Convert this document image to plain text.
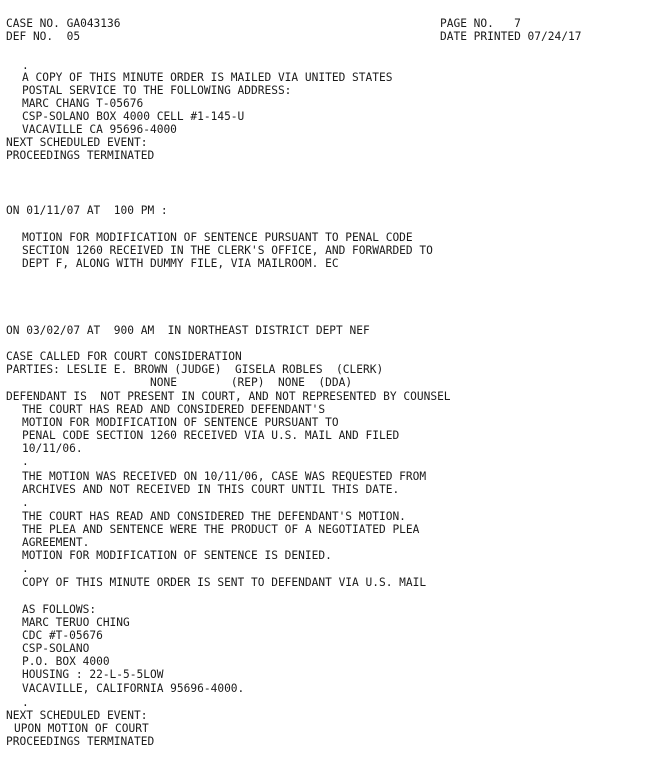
CASE NO. GA043136
DEF NO.  05
PAGE NO.   7
DATE PRINTED 07/24/17
.
A COPY OF THIS MINUTE ORDER IS MAILED VIA UNITED STATES
POSTAL SERVICE TO THE FOLLOWING ADDRESS:
MARC CHANG T-05676
CSP-SOLANO BOX 4000 CELL #1-145-U
VACAVILLE CA 95696-4000
NEXT SCHEDULED EVENT:
PROCEEDINGS TERMINATED
ON 01/11/07 AT  100 PM :
MOTION FOR MODIFICATION OF SENTENCE PURSUANT TO PENAL CODE
SECTION 1260 RECEIVED IN THE CLERK'S OFFICE, AND FORWARDED TO
DEPT F, ALONG WITH DUMMY FILE, VIA MAILROOM. EC
ON 03/02/07 AT  900 AM  IN NORTHEAST DISTRICT DEPT NEF
CASE CALLED FOR COURT CONSIDERATION
PARTIES: LESLIE E. BROWN (JUDGE)  GISELA ROBLES  (CLERK)
NONE        (REP)  NONE  (DDA)
DEFENDANT IS  NOT PRESENT IN COURT, AND NOT REPRESENTED BY COUNSEL
THE COURT HAS READ AND CONSIDERED DEFENDANT'S
MOTION FOR MODIFICATION OF SENTENCE PURSUANT TO
PENAL CODE SECTION 1260 RECEIVED VIA U.S. MAIL AND FILED
10/11/06.
.
THE MOTION WAS RECEIVED ON 10/11/06, CASE WAS REQUESTED FROM
ARCHIVES AND NOT RECEIVED IN THIS COURT UNTIL THIS DATE.
.
THE COURT HAS READ AND CONSIDERED THE DEFENDANT'S MOTION.
THE PLEA AND SENTENCE WERE THE PRODUCT OF A NEGOTIATED PLEA
AGREEMENT.
MOTION FOR MODIFICATION OF SENTENCE IS DENIED.
.
COPY OF THIS MINUTE ORDER IS SENT TO DEFENDANT VIA U.S. MAIL
AS FOLLOWS:
MARC TERUO CHING
CDC #T-05676
CSP-SOLANO
P.O. BOX 4000
HOUSING : 22-L-5-5LOW
VACAVILLE, CALIFORNIA 95696-4000.
.
NEXT SCHEDULED EVENT:
UPON MOTION OF COURT
PROCEEDINGS TERMINATED
